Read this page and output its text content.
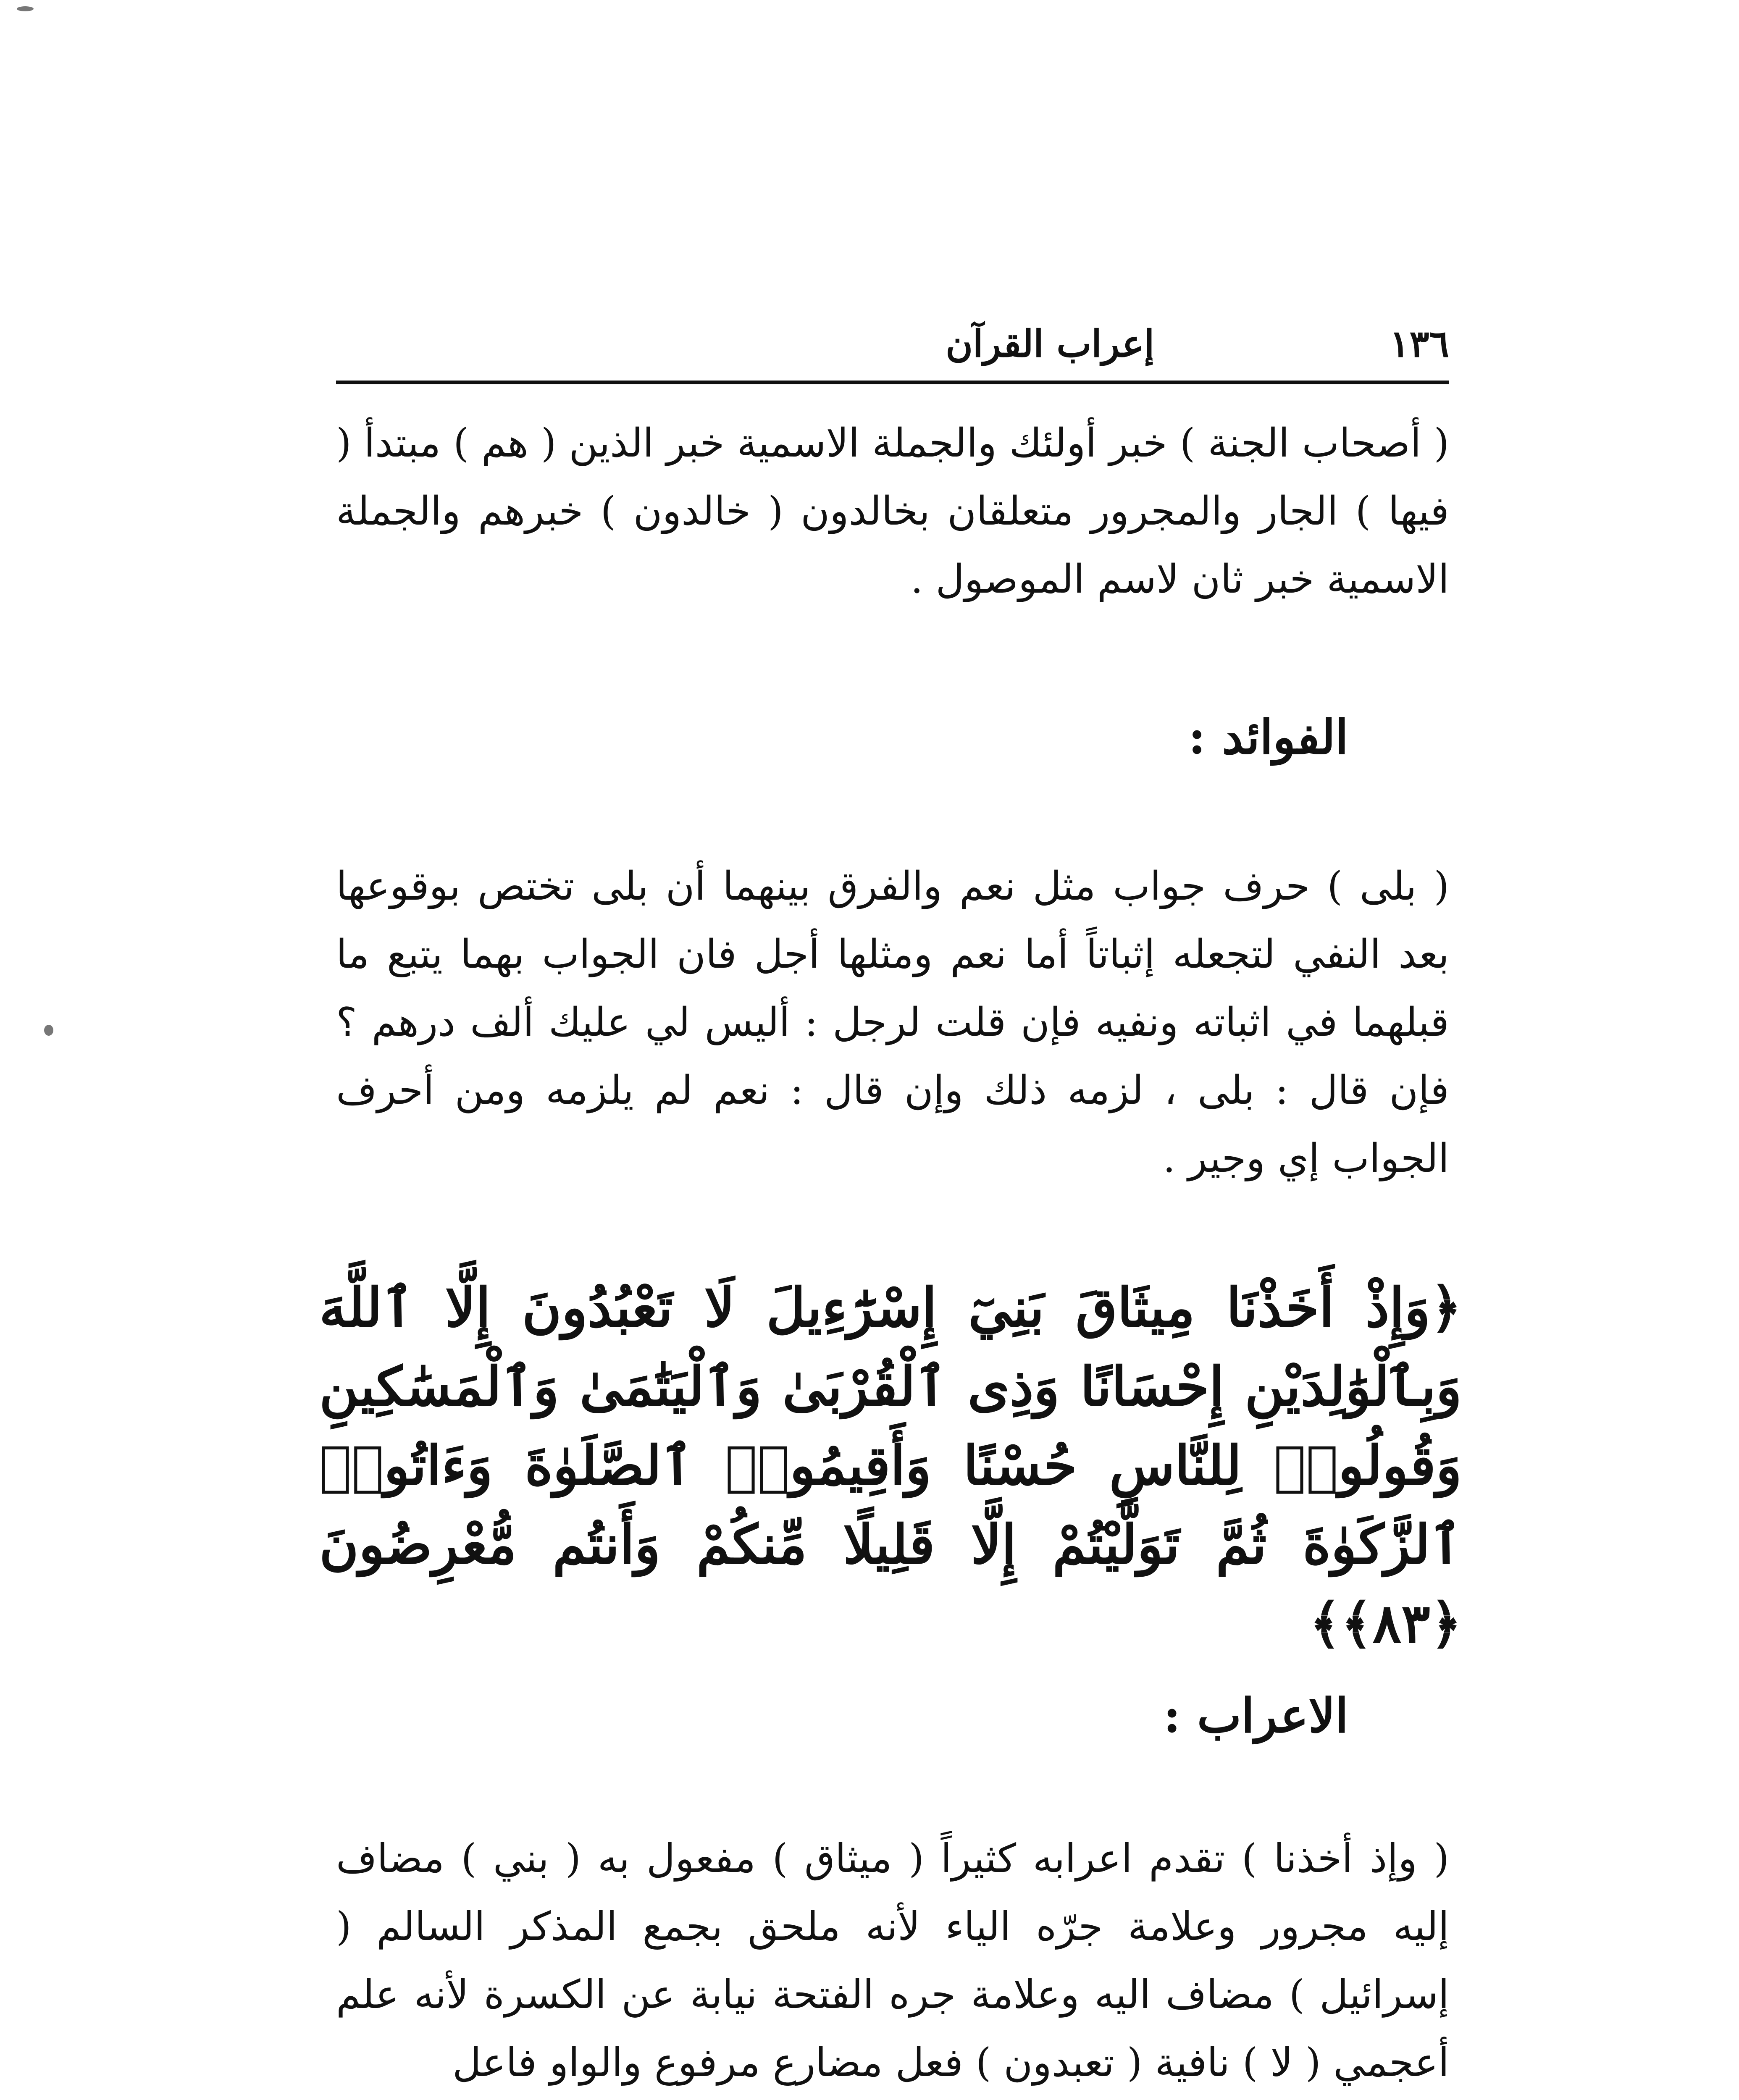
١٣٦
إعراب القرآن

( أصحاب الجنة ) خبر أولئك والجملة الاسمية خبر الذين ( هم ) مبتدأ ( فيها ) الجار والمجرور متعلقان بخالدون ( خالدون ) خبرهم والجملة الاسمية خبر ثان لاسم الموصول .

الفوائد :

( بلى ) حرف جواب مثل نعم والفرق بينهما أن بلى تختص بوقوعها بعد النفي لتجعله إثباتاً أما نعم ومثلها أجل فان الجواب بهما يتبع ما قبلهما في اثباته ونفيه فإن قلت لرجل : أليس لي عليك ألف درهم ؟ فإن قال : بلى ، لزمه ذلك وإن قال : نعم لم يلزمه ومن أحرف الجواب إي وجير .

﴿وَإِذْ أَخَذْنَا مِيثَاقَ بَنِيٓ إِسْرَٰٓءِيلَ لَا تَعْبُدُونَ إِلَّا ٱللَّهَ وَبِٱلْوَٰلِدَيْنِ إِحْسَانًا وَذِى ٱلْقُرْبَىٰ وَٱلْيَتَٰمَىٰ وَٱلْمَسَٰكِينِ وَقُولُوا۟ لِلنَّاسِ حُسْنًا وَأَقِيمُوا۟ ٱلصَّلَوٰةَ وَءَاتُوا۟ ٱلزَّكَوٰةَ ثُمَّ تَوَلَّيْتُمْ إِلَّا قَلِيلًا مِّنكُمْ وَأَنتُم مُّعْرِضُونَ ﴿٨٣﴾﴾

الاعراب :

( وإذ أخذنا ) تقدم اعرابه كثيراً ( ميثاق ) مفعول به ( بني ) مضاف إليه مجرور وعلامة جرّه الياء لأنه ملحق بجمع المذكر السالم ( إسرائيل ) مضاف اليه وعلامة جره الفتحة نيابة عن الكسرة لأنه علم أعجمي ( لا ) نافية ( تعبدون ) فعل مضارع مرفوع والواو فاعل
